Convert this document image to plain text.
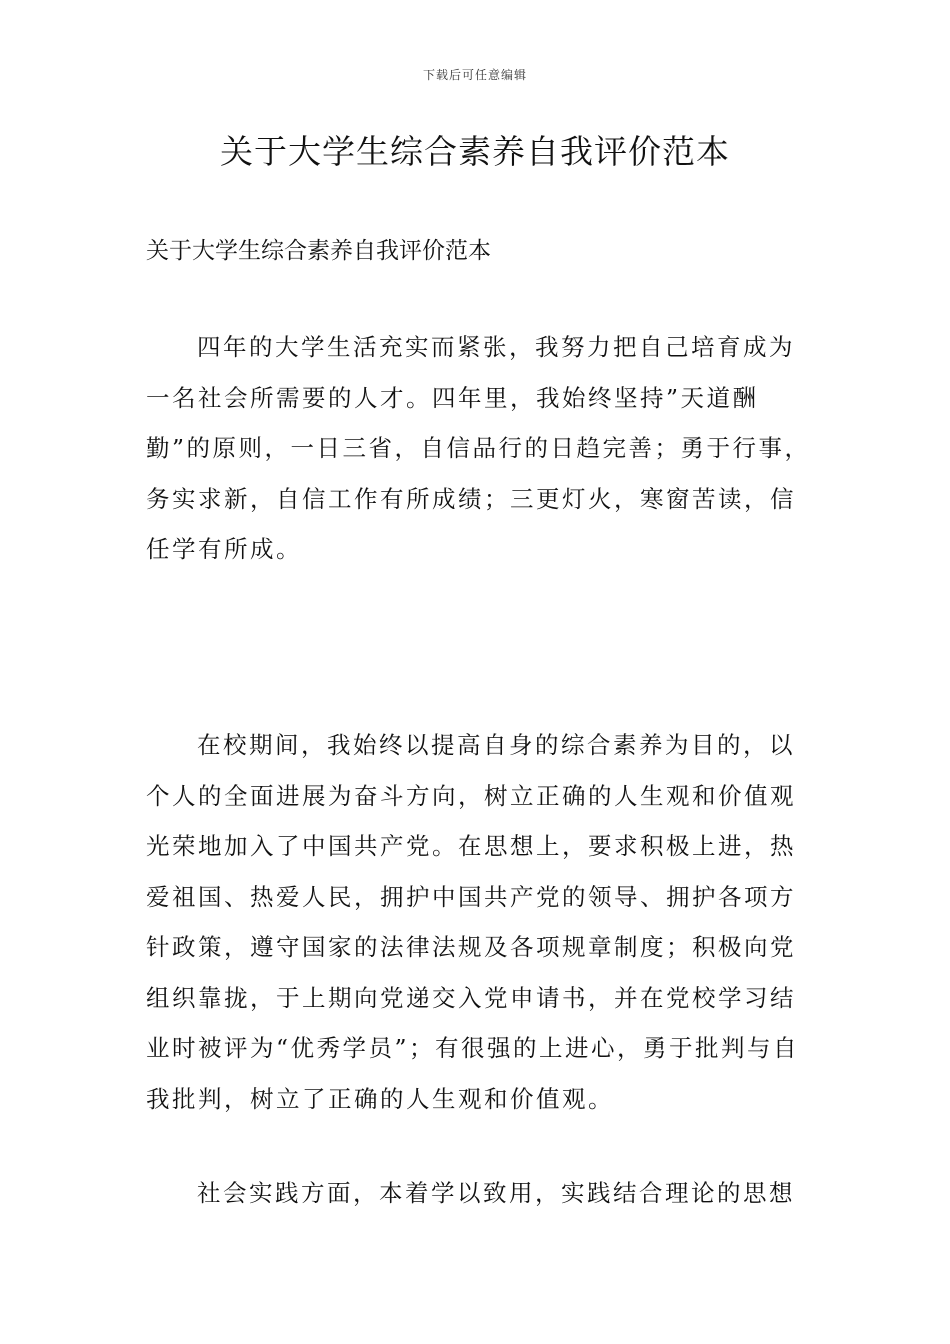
下载后可任意编辑
关于大学生综合素养自我评价范本

关于大学生综合素养自我评价范本

四年的大学生活充实而紧张，我努力把自己培育成为一名社会所需要的人才。四年里，我始终坚持”天道酬勤”的原则，一日三省，自信品行的日趋完善；勇于行事，务实求新，自信工作有所成绩；三更灯火，寒窗苦读，信任学有所成。

在校期间，我始终以提高自身的综合素养为目的，以个人的全面进展为奋斗方向，树立正确的人生观和价值观光荣地加入了中国共产党。在思想上，要求积极上进，热爱祖国、热爱人民，拥护中国共产党的领导、拥护各项方针政策，遵守国家的法律法规及各项规章制度；积极向党组织靠拢，于上期向党递交入党申请书，并在党校学习结业时被评为“优秀学员”；有很强的上进心，勇于批判与自我批判，树立了正确的人生观和价值观。

社会实践方面，本着学以致用，实践结合理论的思想
